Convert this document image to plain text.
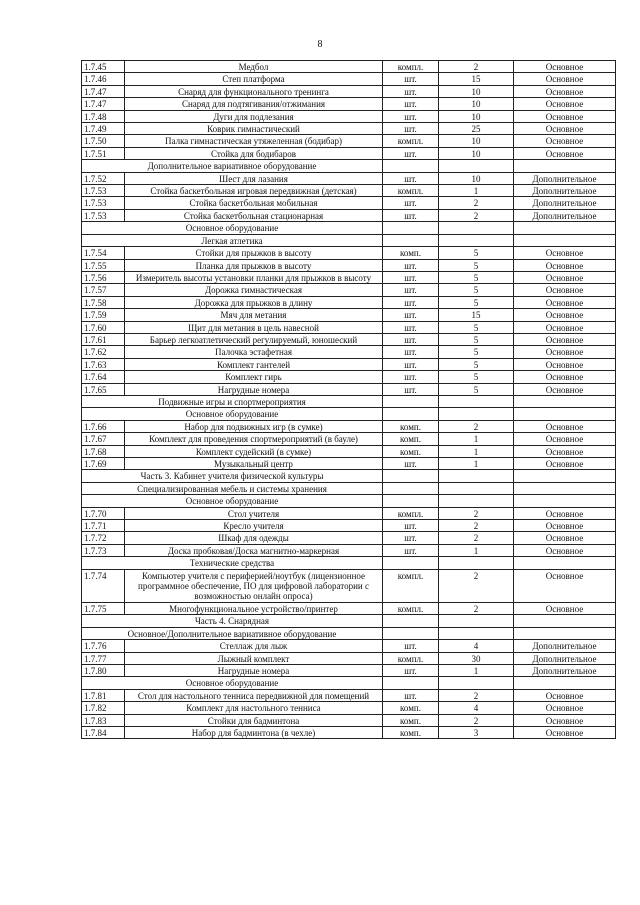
8
1.7.45	Медбол	компл.	2	Основное
1.7.46	Степ платформа	шт.	15	Основное
1.7.47	Снаряд для функционального тренинга	шт.	10	Основное
1.7.47	Снаряд для подтягивания/отжимания	шт.	10	Основное
1.7.48	Дуги для подлезания	шт.	10	Основное
1.7.49	Коврик гимнастический	шт.	25	Основное
1.7.50	Палка гимнастическая утяжеленная (бодибар)	компл.	10	Основное
1.7.51	Стойка для бодибаров	шт.	10	Основное
Дополнительное вариативное оборудование				
1.7.52	Шест для лазания	шт.	10	Дополнительное
1.7.53	Стойка баскетбольная игровая передвижная (детская)	компл.	1	Дополнительное
1.7.53	Стойка баскетбольная мобильная	шт.	2	Дополнительное
1.7.53	Стойка баскетбольная стационарная	шт.	2	Дополнительное
Основное оборудование				
Легкая атлетика				
1.7.54	Стойки для прыжков в высоту	комп.	5	Основное
1.7.55	Планка для прыжков в высоту	шт.	5	Основное
1.7.56	Измеритель высоты установки планки для прыжков в высоту	шт.	5	Основное
1.7.57	Дорожка гимнастическая	шт.	5	Основное
1.7.58	Дорожка для прыжков в длину	шт.	5	Основное
1.7.59	Мяч для метания	шт.	15	Основное
1.7.60	Щит для метания в цель навесной	шт.	5	Основное
1.7.61	Барьер легкоатлетический регулируемый, юношеский	шт.	5	Основное
1.7.62	Палочка эстафетная	шт.	5	Основное
1.7.63	Комплект гантелей	шт.	5	Основное
1.7.64	Комплект гирь	шт.	5	Основное
1.7.65	Нагрудные номера	шт.	5	Основное
Подвижные игры и спортмероприятия				
Основное оборудование				
1.7.66	Набор для подвижных игр (в сумке)	комп.	2	Основное
1.7.67	Комплект для проведения спортмероприятий (в бауле)	комп.	1	Основное
1.7.68	Комплект судейский (в сумке)	комп.	1	Основное
1.7.69	Музыкальный центр	шт.	1	Основное
Часть 3. Кабинет учителя физической культуры				
Специализированная мебель и системы хранения				
Основное оборудование				
1.7.70	Стол учителя	компл.	2	Основное
1.7.71	Кресло учителя	шт.	2	Основное
1.7.72	Шкаф для одежды	шт.	2	Основное
1.7.73	Доска пробковая/Доска магнитно-маркерная	шт.	1	Основное
Технические средства				
1.7.74	Компьютер учителя с периферией/ноутбук (лицензионное программное обеспечение, ПО для цифровой лаборатории с возможностью онлайн опроса)	компл.	2	Основное
1.7.75	Многофункциональное устройство/принтер	компл.	2	Основное
Часть 4. Снарядная				
Основное/Дополнительное вариативное оборудование				
1.7.76	Стеллаж для лыж	шт.	4	Дополнительное
1.7.77	Лыжный комплект	компл.	30	Дополнительное
1.7.80	Нагрудные номера	шт.	1	Дополнительное
Основное оборудование				
1.7.81	Стол для настольного тенниса передвижной для помещений	шт.	2	Основное
1.7.82	Комплект для настольного тенниса	комп.	4	Основное
1.7.83	Стойки для бадминтона	комп.	2	Основное
1.7.84	Набор для бадминтона (в чехле)	комп.	3	Основное
